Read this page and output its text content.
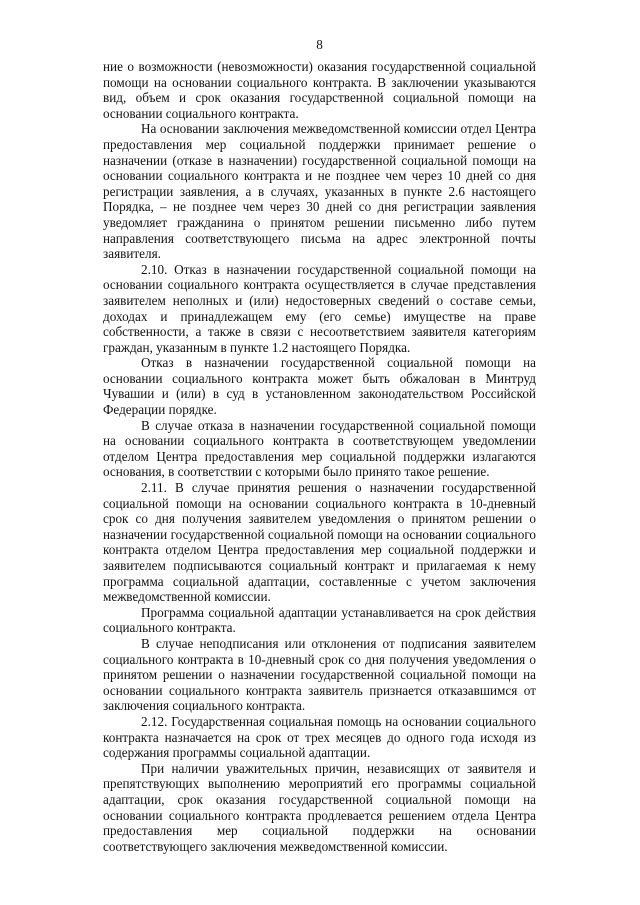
8

ние о возможности (невозможности) оказания государственной социальной помощи на основании социального контракта. В заключении указываются вид, объем и срок оказания государственной социальной помощи на основании социального контракта.

На основании заключения межведомственной комиссии отдел Центра предоставления мер социальной поддержки принимает решение о назначении (отказе в назначении) государственной социальной помощи на основании социального контракта и не позднее чем через 10 дней со дня регистрации заявления, а в случаях, указанных в пункте 2.6 настоящего Порядка, – не позднее чем через 30 дней со дня регистрации заявления уведомляет гражданина о принятом решении письменно либо путем направления соответствующего письма на адрес электронной почты заявителя.

2.10. Отказ в назначении государственной социальной помощи на основании социального контракта осуществляется в случае представления заявителем неполных и (или) недостоверных сведений о составе семьи, доходах и принадлежащем ему (его семье) имуществе на праве собственности, а также в связи с несоответствием заявителя категориям граждан, указанным в пункте 1.2 настоящего Порядка.

Отказ в назначении государственной социальной помощи на основании социального контракта может быть обжалован в Минтруд Чувашии и (или) в суд в установленном законодательством Российской Федерации порядке.

В случае отказа в назначении государственной социальной помощи на основании социального контракта в соответствующем уведомлении отделом Центра предоставления мер социальной поддержки излагаются основания, в соответствии с которыми было принято такое решение.

2.11. В случае принятия решения о назначении государственной социальной помощи на основании социального контракта в 10-дневный срок со дня получения заявителем уведомления о принятом решении о назначении государственной социальной помощи на основании социального контракта отделом Центра предоставления мер социальной поддержки и заявителем подписываются социальный контракт и прилагаемая к нему программа социальной адаптации, составленные с учетом заключения межведомственной комиссии.

Программа социальной адаптации устанавливается на срок действия социального контракта.

В случае неподписания или отклонения от подписания заявителем социального контракта в 10-дневный срок со дня получения уведомления о принятом решении о назначении государственной социальной помощи на основании социального контракта заявитель признается отказавшимся от заключения социального контракта.

2.12. Государственная социальная помощь на основании социального контракта назначается на срок от трех месяцев до одного года исходя из содержания программы социальной адаптации.

При наличии уважительных причин, независящих от заявителя и препятствующих выполнению мероприятий его программы социальной адаптации, срок оказания государственной социальной помощи на основании социального контракта продлевается решением отдела Центра предоставления мер социальной поддержки на основании соответствующего заключения межведомственной комиссии.
